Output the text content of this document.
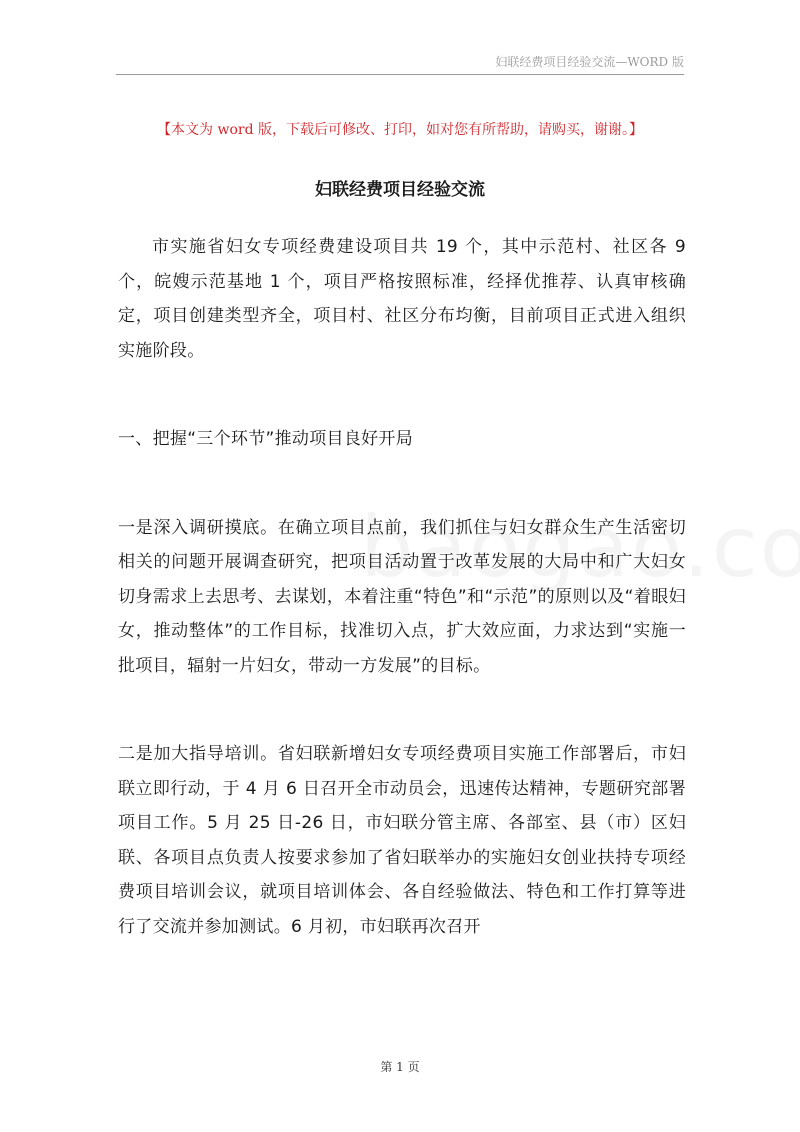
妇联经费项目经验交流—WORD 版
【本文为 word 版，下载后可修改、打印，如对您有所帮助，请购买，谢谢。】
妇联经费项目经验交流

市实施省妇女专项经费建设项目共 19 个，其中示范村、社区各 9 个，皖嫂示范基地 1 个，项目严格按照标准，经择优推荐、认真审核确定，项目创建类型齐全，项目村、社区分布均衡，目前项目正式进入组织实施阶段。

一、把握“三个环节”推动项目良好开局

一是深入调研摸底。在确立项目点前，我们抓住与妇女群众生产生活密切相关的问题开展调查研究，把项目活动置于改革发展的大局中和广大妇女切身需求上去思考、去谋划，本着注重“特色”和“示范”的原则以及“着眼妇女，推动整体”的工作目标，找准切入点，扩大效应面，力求达到“实施一批项目，辐射一片妇女，带动一方发展”的目标。

二是加大指导培训。省妇联新增妇女专项经费项目实施工作部署后，市妇联立即行动，于 4 月 6 日召开全市动员会，迅速传达精神，专题研究部署项目工作。5 月 25 日-26 日，市妇联分管主席、各部室、县（市）区妇联、各项目点负责人按要求参加了省妇联举办的实施妇女创业扶持专项经费项目培训会议，就项目培训体会、各自经验做法、特色和工作打算等进行了交流并参加测试。6 月初，市妇联再次召开

第 1 页
